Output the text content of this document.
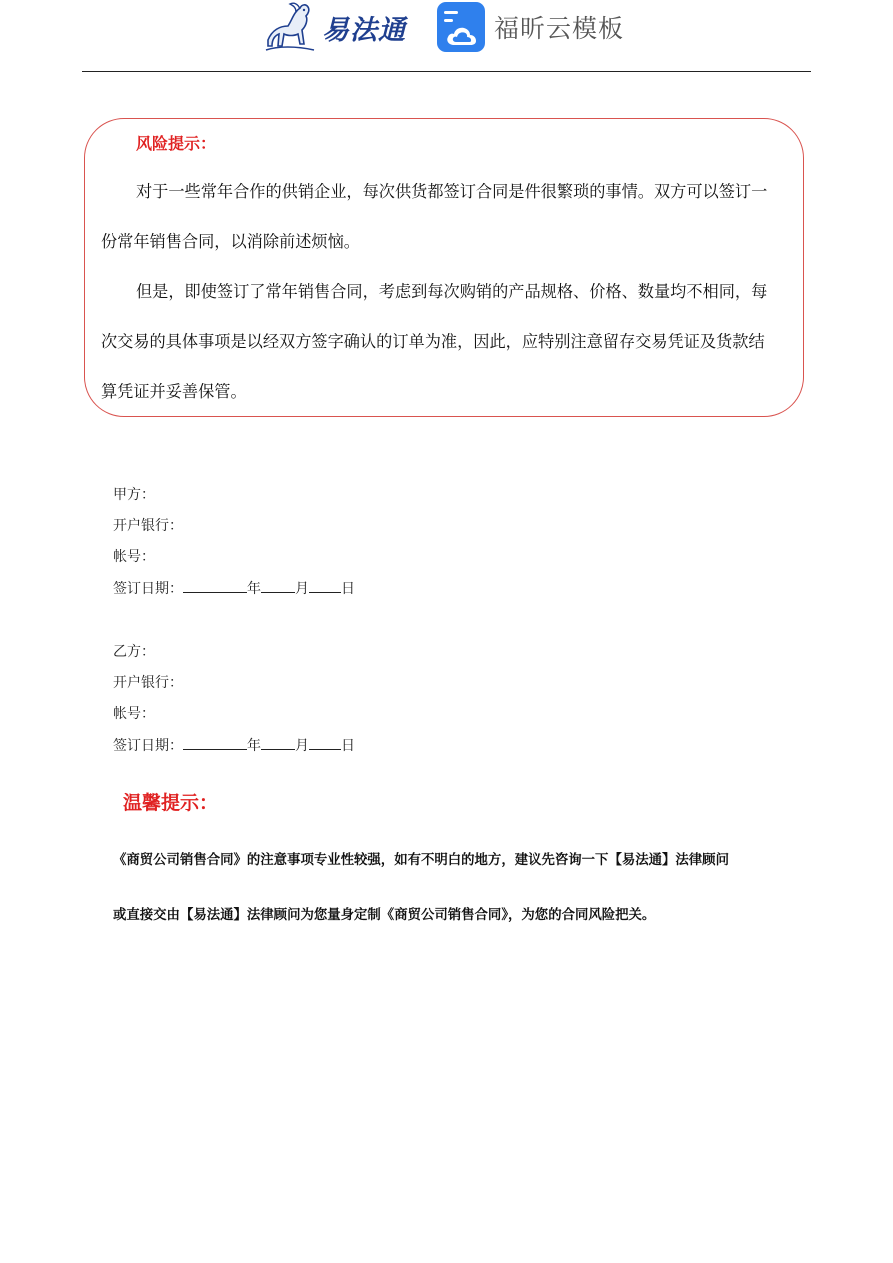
易法通	福昕云模板
风险提示：

对于一些常年合作的供销企业，每次供货都签订合同是件很繁琐的事情。双方可以签订一份常年销售合同，以消除前述烦恼。

但是，即使签订了常年销售合同，考虑到每次购销的产品规格、价格、数量均不相同，每次交易的具体事项是以经双方签字确认的订单为准，因此，应特别注意留存交易凭证及货款结算凭证并妥善保管。

甲方：
开户银行：
帐号：
签订日期：	年 月 日
乙方：
开户银行：
帐号：
签订日期：	年 月 日
温馨提示：
《商贸公司销售合同》的注意事项专业性较强，如有不明白的地方，建议先咨询一下【易法通】法律顾问
或直接交由【易法通】法律顾问为您量身定制《商贸公司销售合同》，为您的合同风险把关。
